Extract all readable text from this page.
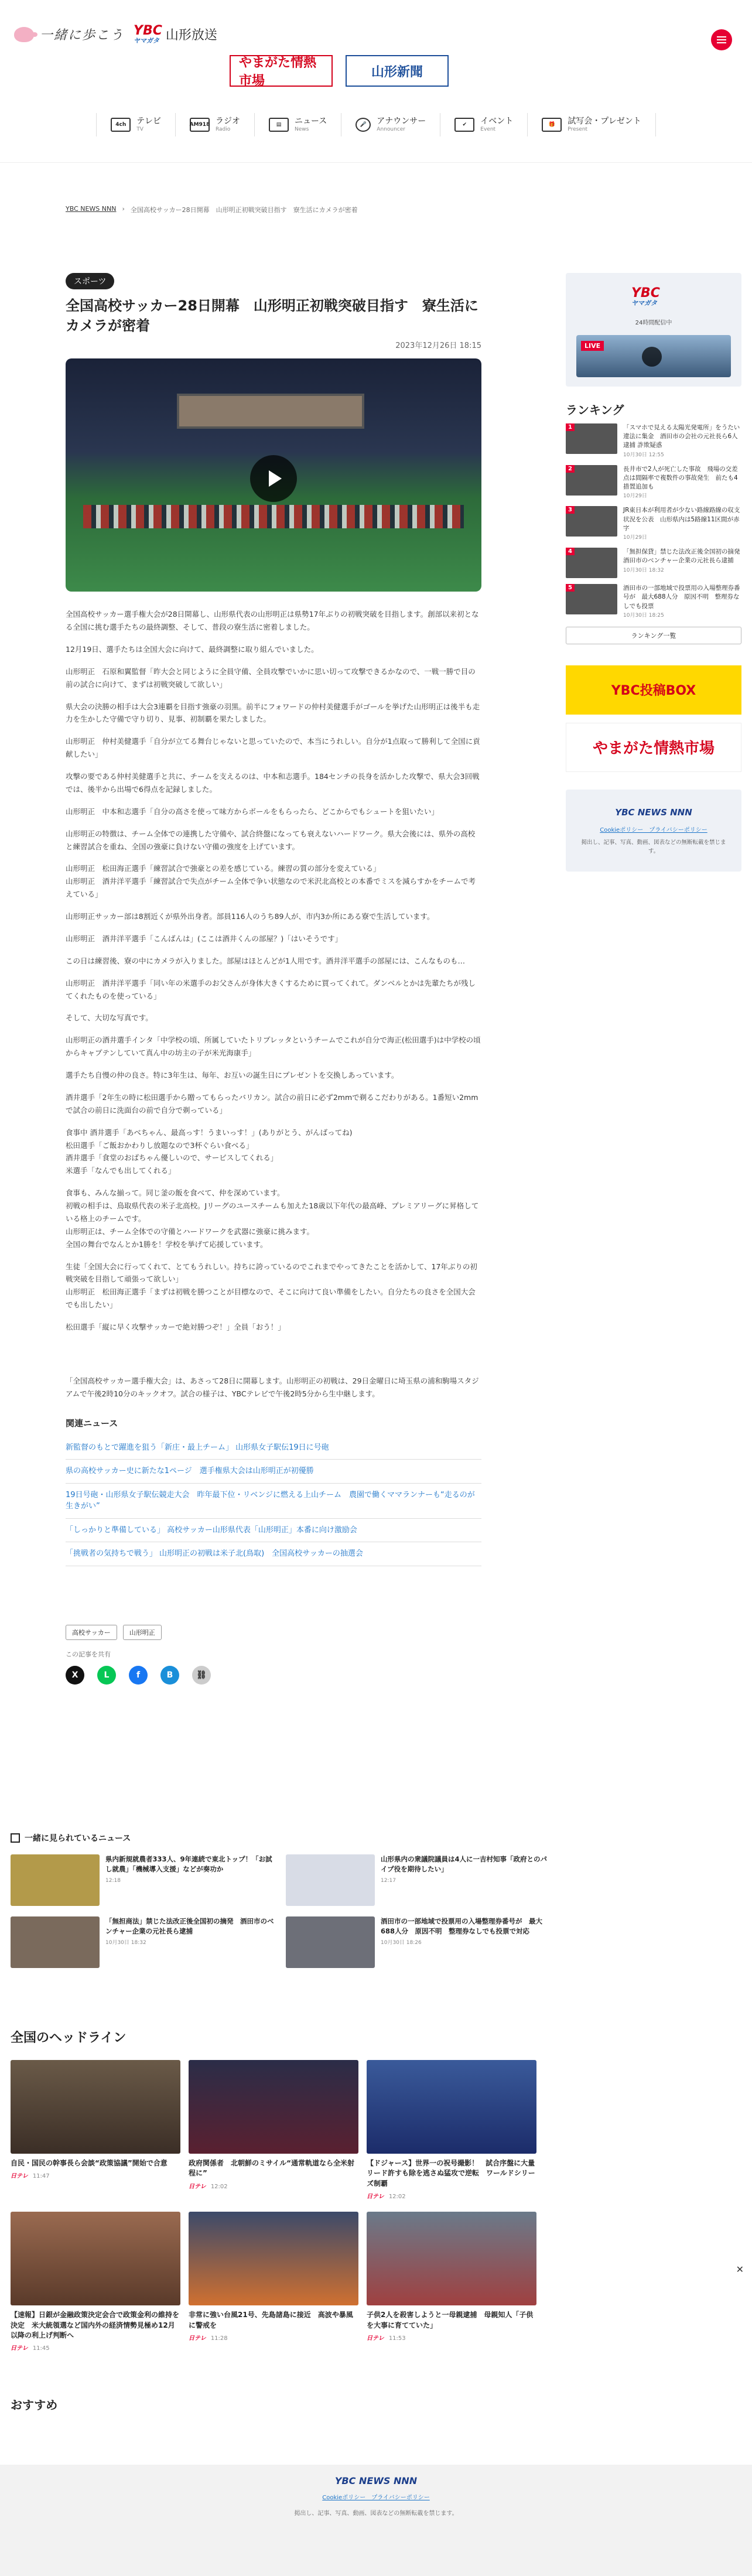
一緒に歩こう YBC
ヤマガタ 山形放送
やまがた情熱市場
山形新聞
4ch	テレビ
TV
AM918 ラジオ
Radio
▤	ニュース
News
🎤	アナウンサー
Announcer
✔	イベント
Event
🎁	試写会・プレゼント
Present
YBC NEWS NNN › 全国高校サッカー28日開幕　山形明正初戦突破目指す　寮生活にカメラが密着
スポーツ
全国高校サッカー28日開幕　山形明正初戦突破目指す　寮生活にカメラが密着
2023年12月26日 18:15

全国高校サッカー選手権大会が28日開幕し、山形県代表の山形明正は県勢17年ぶりの初戦突破を目指します。創部以来初となる全国に挑む選手たちの最終調整、そして、普段の寮生活に密着しました。

12月19日、選手たちは全国大会に向けて、最終調整に取り組んでいました。

山形明正　石原和翼監督「昨大会と同じように全員守備、全員攻撃でいかに思い切って攻撃できるかなので、一戦一勝で目の前の試合に向けて、まずは初戦突破して欲しい」

県大会の決勝の相手は大会3連覇を目指す強豪の羽黒。前半にフォワードの仲村美健選手がゴールを挙げた山形明正は後半も走力を生かした守備で守り切り、見事、初制覇を果たしました。

山形明正　仲村美健選手「自分が立てる舞台じゃないと思っていたので、本当にうれしい。自分が1点取って勝利して全国に貢献したい」

攻撃の要である仲村美健選手と共に、チームを支えるのは、中本和志選手。184センチの長身を活かした攻撃で、県大会3回戦では、後半から出場で6得点を記録しました。

山形明正　中本和志選手「自分の高さを使って味方からボールをもらったら、どこからでもシュートを狙いたい」

山形明正の特徴は、チーム全体での連携した守備や、試合終盤になっても衰えないハードワーク。県大会後には、県外の高校と練習試合を重ね、全国の強豪に負けない守備の強度を上げています。

山形明正　松田海正選手「練習試合で強豪との差を感じている。練習の質の部分を変えている」
山形明正　酒井洋平選手「練習試合で失点がチーム全体で争い状態なので米沢北高校との本番でミスを減らすかをチームで考えている」

山形明正サッカー部は8割近くが県外出身者。部員116人のうち89人が、市内3か所にある寮で生活しています。

山形明正　酒井洋平選手「こんばんは」(ここは酒井くんの部屋？)「はいそうです」

この日は練習後、寮の中にカメラが入りました。部屋はほとんどが1人用です。酒井洋平選手の部屋には、こんなものも…

山形明正　酒井洋平選手「同い年の米選手のお父さんが身体大きくするために買ってくれて。ダンベルとかは先輩たちが残してくれたものを使っている」

そして、大切な写真です。

山形明正の酒井選手インタ「中学校の頃、所属していたトリプレッタというチームでこれが自分で海正(松田選手)は中学校の頃からキャプテンしていて真ん中の坊主の子が米光海康手」

選手たち自慢の仲の良さ。特に3年生は、毎年、お互いの誕生日にプレゼントを交換しあっています。

酒井選手「2年生の時に松田選手から贈ってもらったバリカン。試合の前日に必ず2mmで剃るこだわりがある。1番短い2mmで試合の前日に洗面台の前で自分で剃っている」

食事中 酒井選手「あべちゃん、最高っす！うまいっす！」(ありがとう、がんばってね)
松田選手「ご飯おかわりし放題なので3杯ぐらい食べる」
酒井選手「食堂のおばちゃん優しいので、サービスしてくれる」
米選手「なんでも出してくれる」

食事も、みんな揃って。同じ釜の飯を食べて、仲を深めています。
初戦の相手は、鳥取県代表の米子北高校。Jリーグのユースチームも加えた18歳以下年代の最高峰、プレミアリーグに昇格している格上のチームです。
山形明正は、チーム全体での守備とハードワークを武器に強豪に挑みます。
全国の舞台でなんとか1勝を！学校を挙げて応援しています。

生徒「全国大会に行ってくれて、とてもうれしい。持ちに誇っているのでこれまでやってきたことを活かして、17年ぶりの初戦突破を目指して頑張って欲しい」
山形明正　松田海正選手「まずは初戦を勝つことが目標なので、そこに向けて良い準備をしたい。自分たちの良さを全国大会でも出したい」

松田選手「縦に早く攻撃サッカーで絶対勝つぞ！」全員「おう！」

「全国高校サッカー選手権大会」は、あさって28日に開幕します。山形明正の初戦は、29日金曜日に埼玉県の浦和駒場スタジアムで午後2時10分のキックオフ。試合の様子は、YBCテレビで午後2時5分から生中継します。
関連ニュース
新監督のもとで躍進を狙う「新庄・最上チーム」 山形県女子駅伝19日に号砲
県の高校サッカー史に新たな1ページ　選手権県大会は山形明正が初優勝
19日号砲・山形県女子駅伝競走大会　昨年最下位・リベンジに燃える上山チーム　農園で働くママランナーも“走るのが生きがい”
「しっかりと準備している」 高校サッカー山形県代表「山形明正」本番に向け激励会
「挑戦者の気持ちで戦う」 山形明正の初戦は米子北(鳥取)　全国高校サッカーの抽選会
高校サッカー	山形明正
この記事を共有
X	L	f	B	⛓
YBC
ヤマガタ
24時間配信中
LIVE
ランキング
1	「スマホで見える太陽光発電所」をうたい違法に集金　酒田市の会社の元社長ら6人逮捕 詐欺疑惑
10月30日 12:55
2	長井市で2人が死亡した事故　飛場の交差点は間隔率で複数件の事故発生　前たも4措置追加も
10月29日
3	JR東日本が利用者が少ない路線路線の収支状況を公表　山形県内は5路線11区間が赤字
10月29日
4	「無担保貸」禁じた法改正後全国初の摘発　酒田市のベンチャー企業の元社長ら逮捕
10月30日 18:32
5	酒田市の一部地域で投票用の入場整理券番号が　最大688人分　原因不明　整理券なしでも投票
10月30日 18:25
ランキング一覧
YBC投稿BOX
やまがた情熱市場
YBC NEWS NNN
Cookieポリシー　プライバシーポリシー
掲出し、記事、写真、動画、図表などの無断転載を禁じます。
一緒に見られているニュース
県内新規就農者333人、9年連続で東北トップ！「お試し就農」「機械導入支援」などが奏功か
12:18
山形県内の衆議院議員は4人に一吉村知事「政府とのパイプ役を期待したい」
12:17
「無担商法」禁じた法改正後全国初の摘発　酒田市のベンチャー企業の元社長ら逮捕
10月30日 18:32
酒田市の一部地域で投票用の入場整理券番号が　最大688人分　原因不明　整理券なしでも投票で対応
10月30日 18:26
全国のヘッドライン
自民・国民の幹事長ら会談“政策協議”開始で合意
日テレ 11:47
政府関係者　北朝鮮のミサイル“通常軌道なら全米射程に”
日テレ 12:02
【ドジャース】世界一の祝号撮影！　試合序盤に大量リード許すも除を逃さぬ猛攻で逆転　ワールドシリーズ制覇
日テレ 12:02
【速報】日銀が金融政策決定会合で政策金利の維持を決定　米大統領選など国内外の経済情勢見極め12月以降の利上げ判断へ
日テレ 11:45
非常に強い台風21号、先島諸島に接近　高波や暴風に警戒を
日テレ 11:28
子供2人を殺害しようと一母親逮捕　母親知人「子供を大事に育てていた」
日テレ 11:53
✕
おすすめ
YBC NEWS NNN
Cookieポリシー　プライバシーポリシー
掲出し、記事、写真、動画、図表などの無断転載を禁じます。
